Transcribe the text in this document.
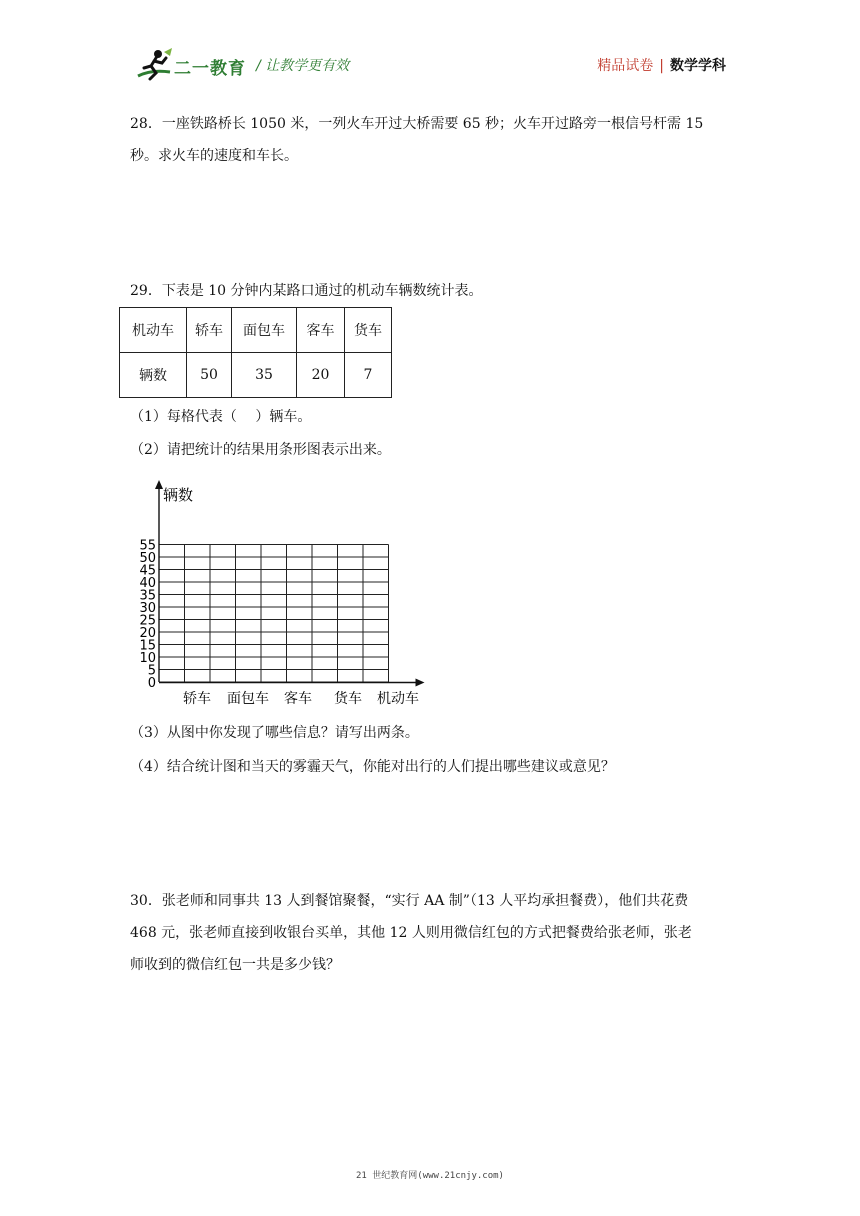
二一教育 / 让教学更有效	精品试卷 | 数学学科
28．一座铁路桥长 1050 米，一列火车开过大桥需要 65 秒；火车开过路旁一根信号杆需 15
秒。求火车的速度和车长。
29．下表是 10 分钟内某路口通过的机动车辆数统计表。
机动车	轿车	面包车	客车	货车
辆数	50	35	20	7
（1）每格代表（　 ）辆车。
（2）请把统计的结果用条形图表示出来。
0
5
10
15
20
25
30
35
40
45
50
55
轿车 面包车 客车 货车 机动车
辆数
（3）从图中你发现了哪些信息？请写出两条。
（4）结合统计图和当天的雾霾天气，你能对出行的人们提出哪些建议或意见？
30．张老师和同事共 13 人到餐馆聚餐，“实行 AA 制”（13 人平均承担餐费），他们共花费
468 元，张老师直接到收银台买单，其他 12 人则用微信红包的方式把餐费给张老师，张老
师收到的微信红包一共是多少钱？
21 世纪教育网(www.21cnjy.com)
